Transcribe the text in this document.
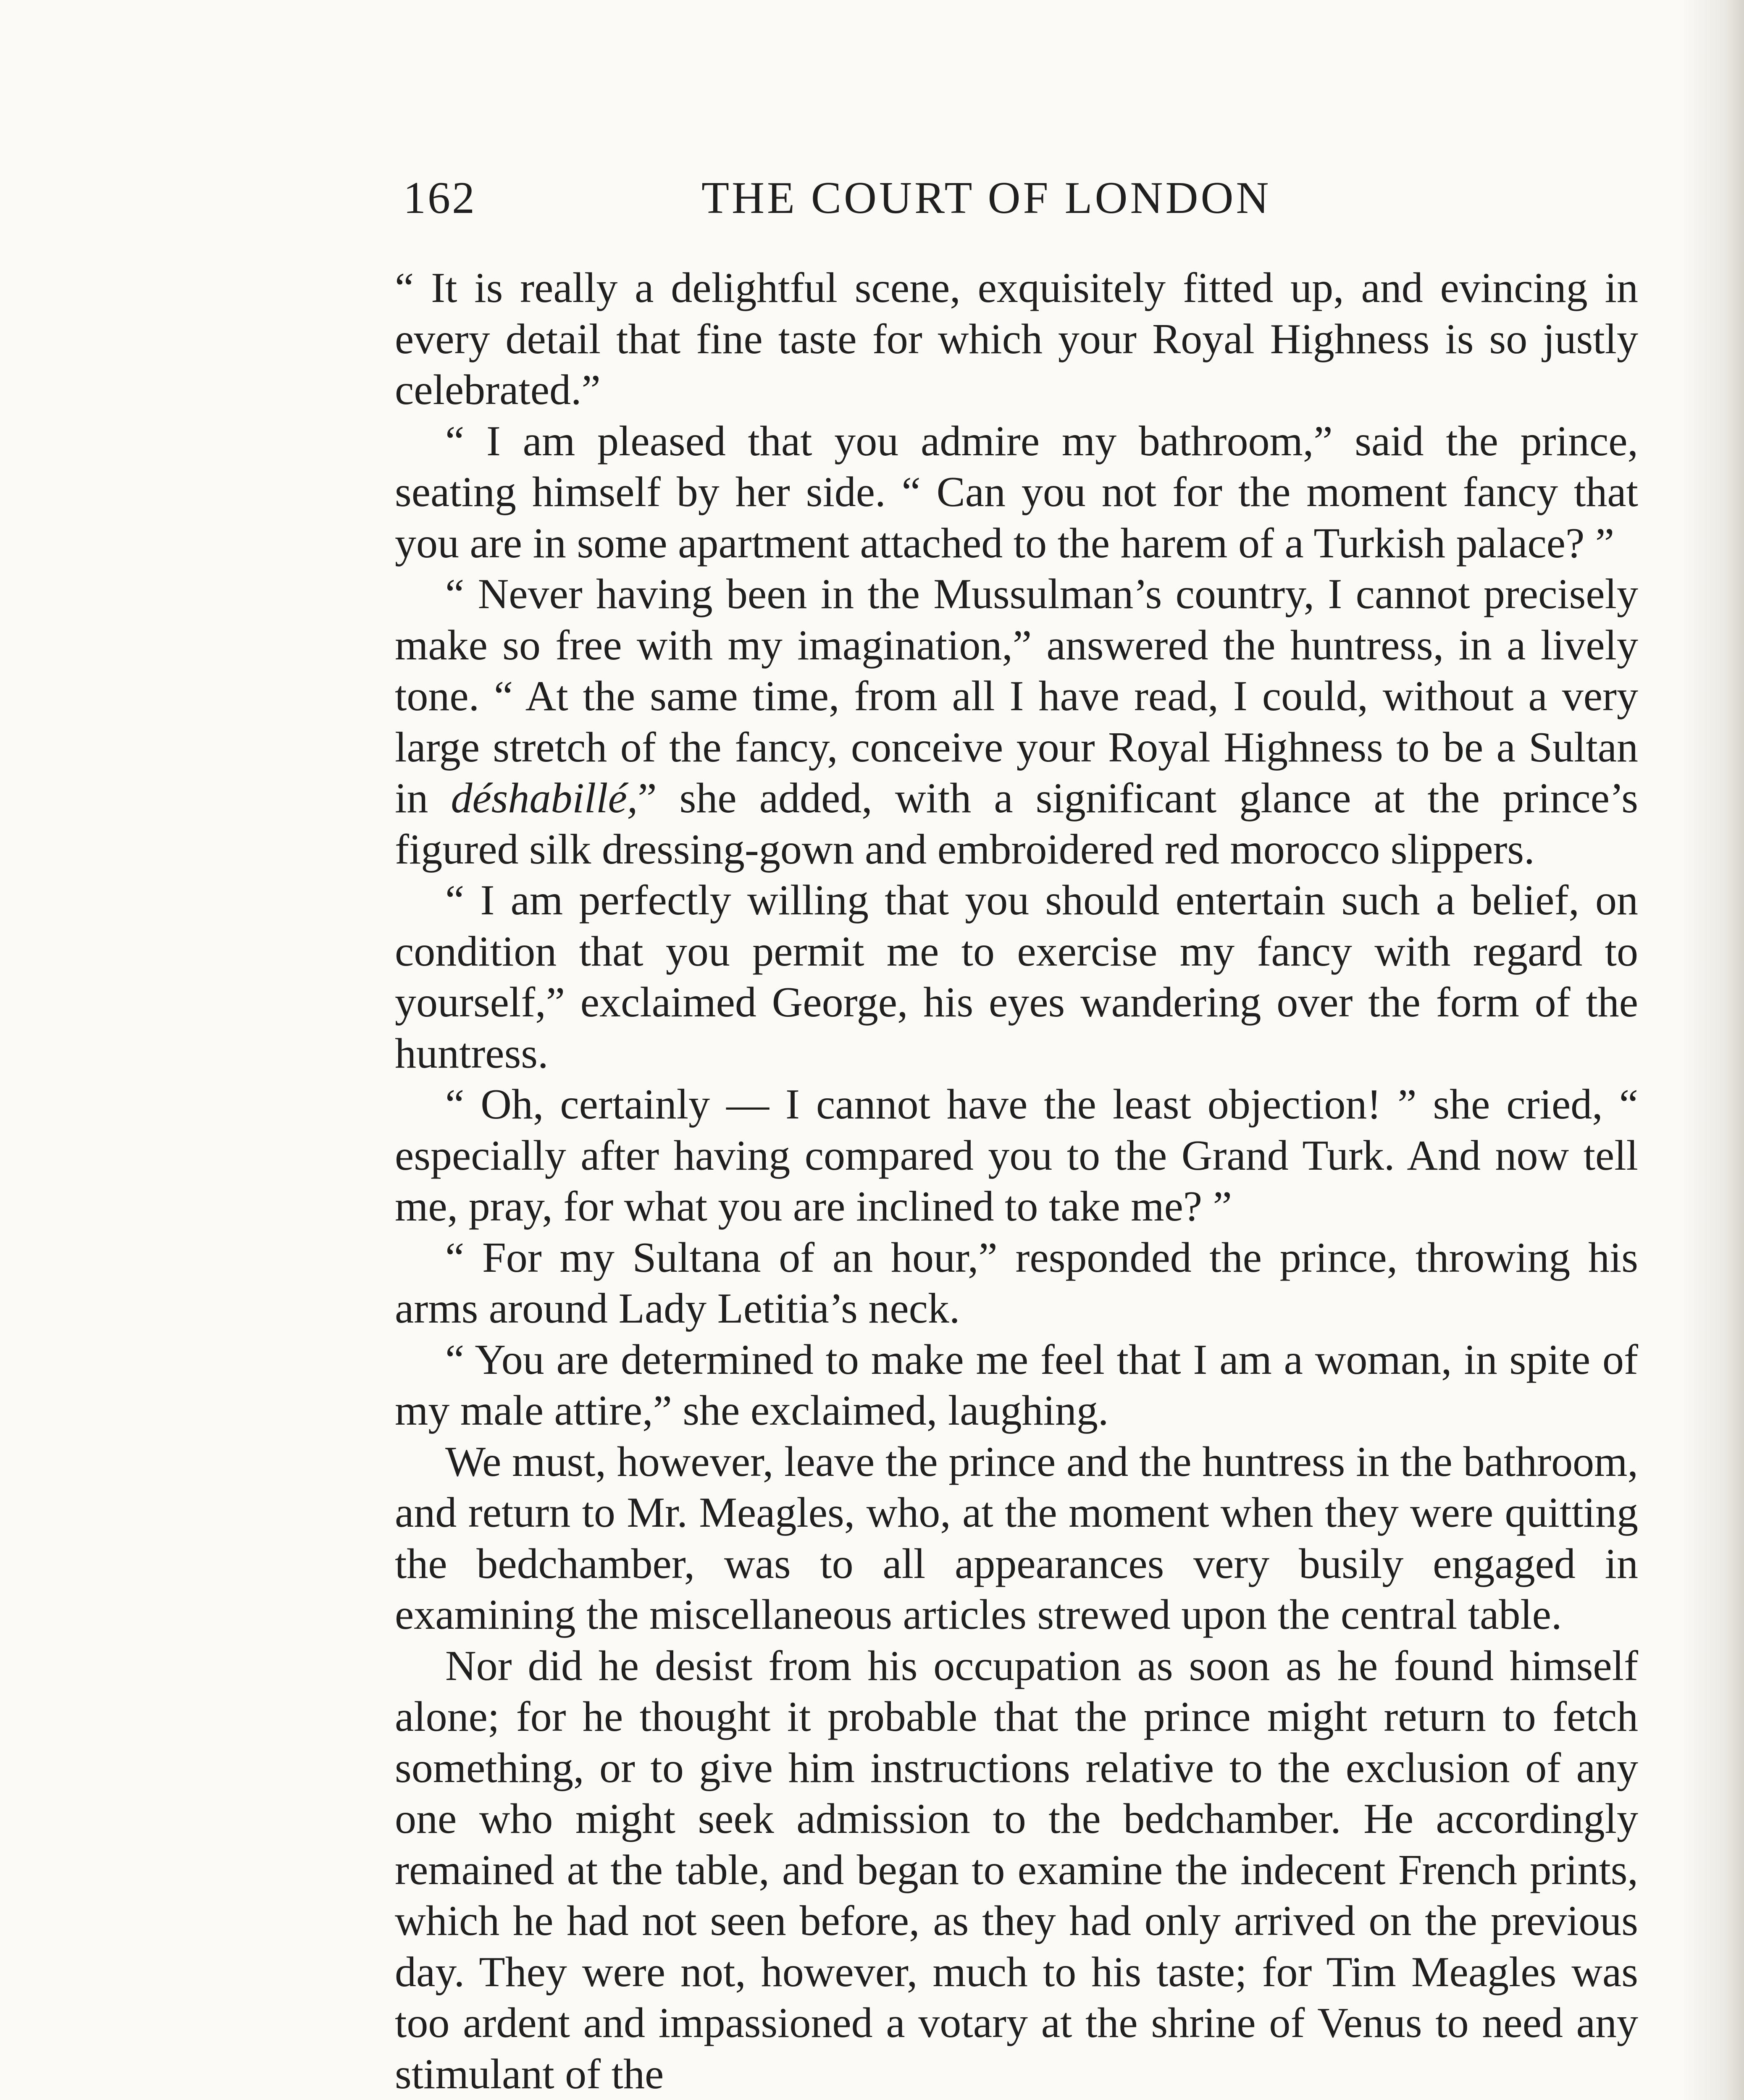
162	THE COURT OF LONDON

“ It is really a delightful scene, exquisitely fitted up, and evincing in every detail that fine taste for which your Royal Highness is so justly celebrated.”

“ I am pleased that you admire my bathroom,” said the prince, seating himself by her side. “ Can you not for the moment fancy that you are in some apartment attached to the harem of a Turkish palace? ”

“ Never having been in the Mussulman’s country, I cannot precisely make so free with my imagination,” answered the huntress, in a lively tone. “ At the same time, from all I have read, I could, without a very large stretch of the fancy, conceive your Royal Highness to be a Sultan in déshabillé,” she added, with a significant glance at the prince’s figured silk dressing-gown and embroidered red morocco slippers.

“ I am perfectly willing that you should entertain such a belief, on condition that you permit me to exercise my fancy with regard to yourself,” exclaimed George, his eyes wandering over the form of the huntress.

“ Oh, certainly — I cannot have the least objection! ” she cried, “ especially after having compared you to the Grand Turk. And now tell me, pray, for what you are inclined to take me? ”

“ For my Sultana of an hour,” responded the prince, throwing his arms around Lady Letitia’s neck.

“ You are determined to make me feel that I am a woman, in spite of my male attire,” she exclaimed, laughing.

We must, however, leave the prince and the huntress in the bathroom, and return to Mr. Meagles, who, at the moment when they were quitting the bedchamber, was to all appearances very busily engaged in examining the miscellaneous articles strewed upon the central table.

Nor did he desist from his occupation as soon as he found himself alone; for he thought it probable that the prince might return to fetch something, or to give him instructions relative to the exclusion of any one who might seek admission to the bedchamber. He accordingly remained at the table, and began to examine the indecent French prints, which he had not seen before, as they had only arrived on the previous day. They were not, however, much to his taste; for Tim Meagles was too ardent and impassioned a votary at the shrine of Venus to need any stimulant of the
